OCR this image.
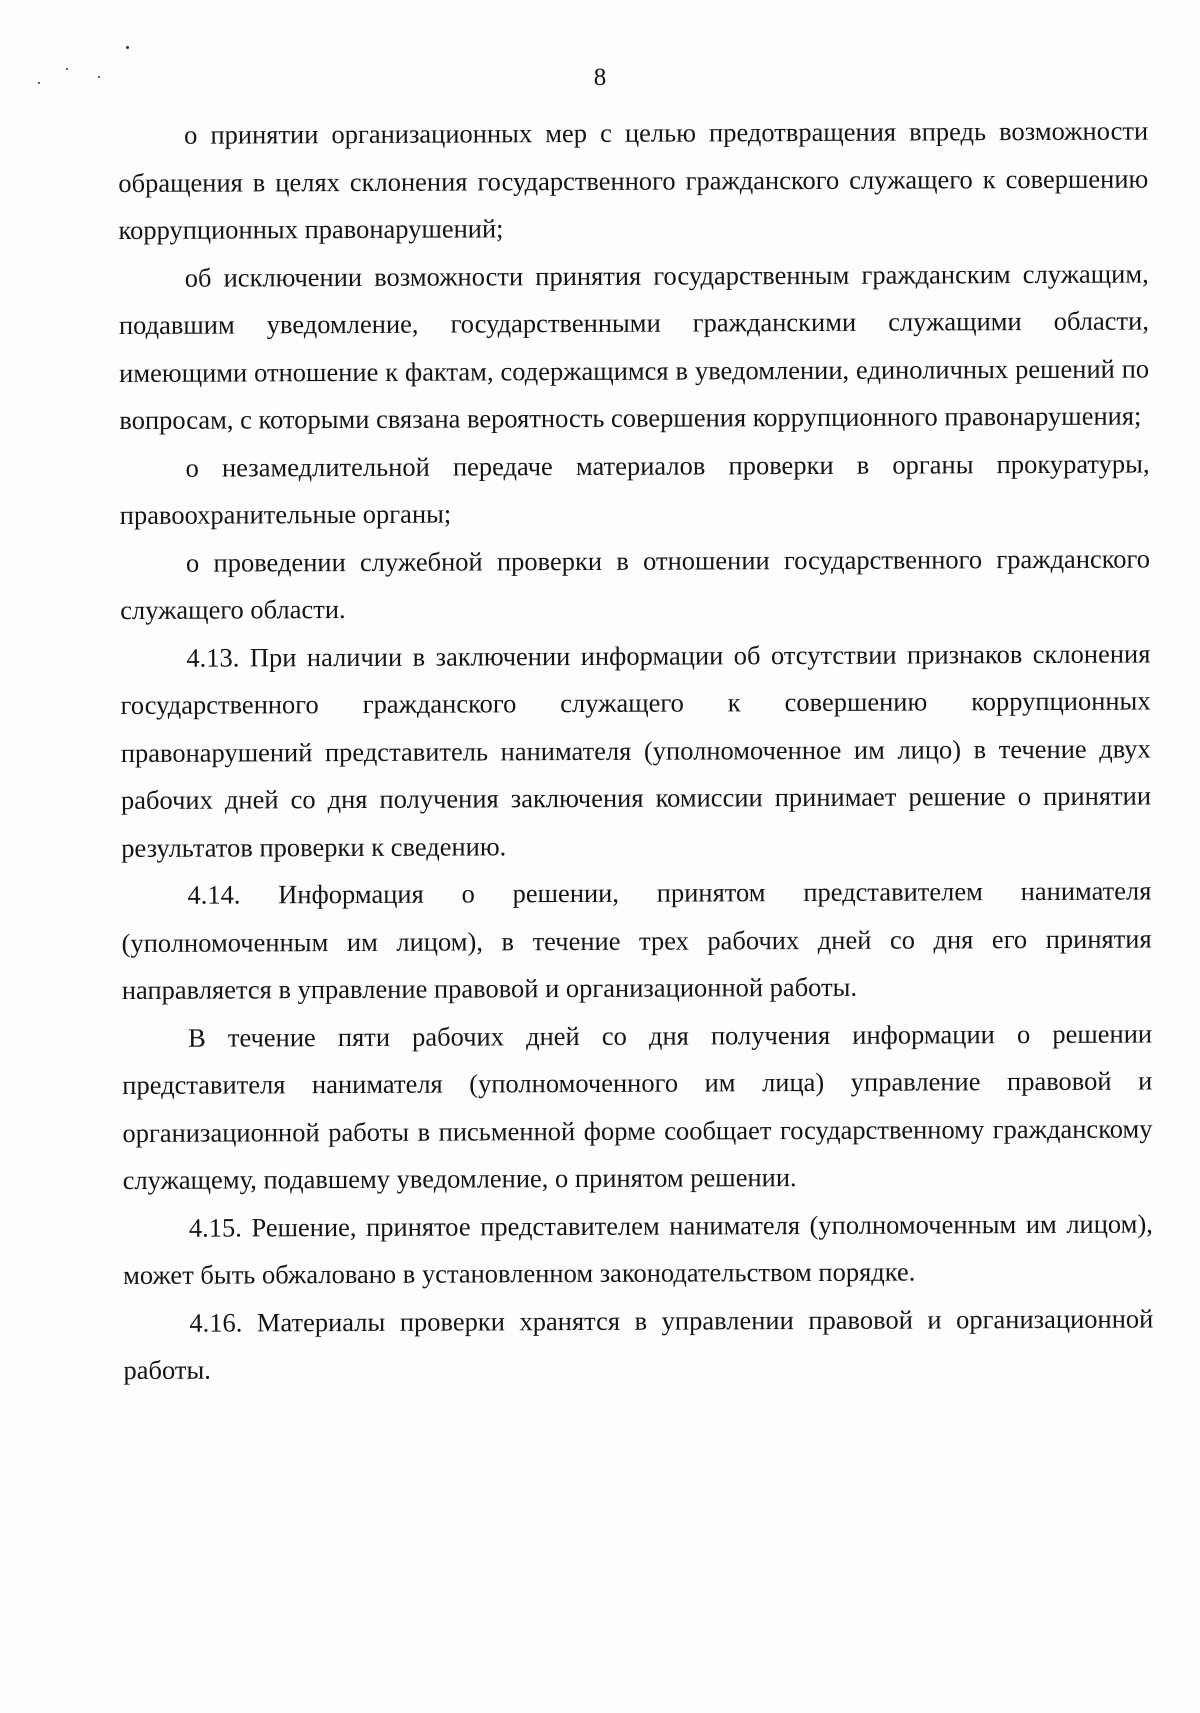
8

о принятии организационных мер с целью предотвращения впредь возможности обращения в целях склонения государственного гражданского служащего к совершению коррупционных правонарушений;

об исключении возможности принятия государственным гражданским служащим, подавшим уведомление, государственными гражданскими служащими области, имеющими отношение к фактам, содержащимся в уведомлении, единоличных решений по вопросам, с которыми связана вероятность совершения коррупционного правонарушения;

о незамедлительной передаче материалов проверки в органы прокуратуры, правоохранительные органы;

о проведении служебной проверки в отношении государственного гражданского служащего области.

4.13. При наличии в заключении информации об отсутствии признаков склонения государственного гражданского служащего к совершению коррупционных правонарушений представитель нанимателя (уполномоченное им лицо) в течение двух рабочих дней со дня получения заключения комиссии принимает решение о принятии результатов проверки к сведению.

4.14. Информация о решении, принятом представителем нанимателя (уполномоченным им лицом), в течение трех рабочих дней со дня его принятия направляется в управление правовой и организационной работы.

В течение пяти рабочих дней со дня получения информации о решении представителя нанимателя (уполномоченного им лица) управление правовой и организационной работы в письменной форме сообщает государственному гражданскому служащему, подавшему уведомление, о принятом решении.

4.15. Решение, принятое представителем нанимателя (уполномоченным им лицом), может быть обжаловано в установленном законодательством порядке.

4.16. Материалы проверки хранятся в управлении правовой и организационной работы.
